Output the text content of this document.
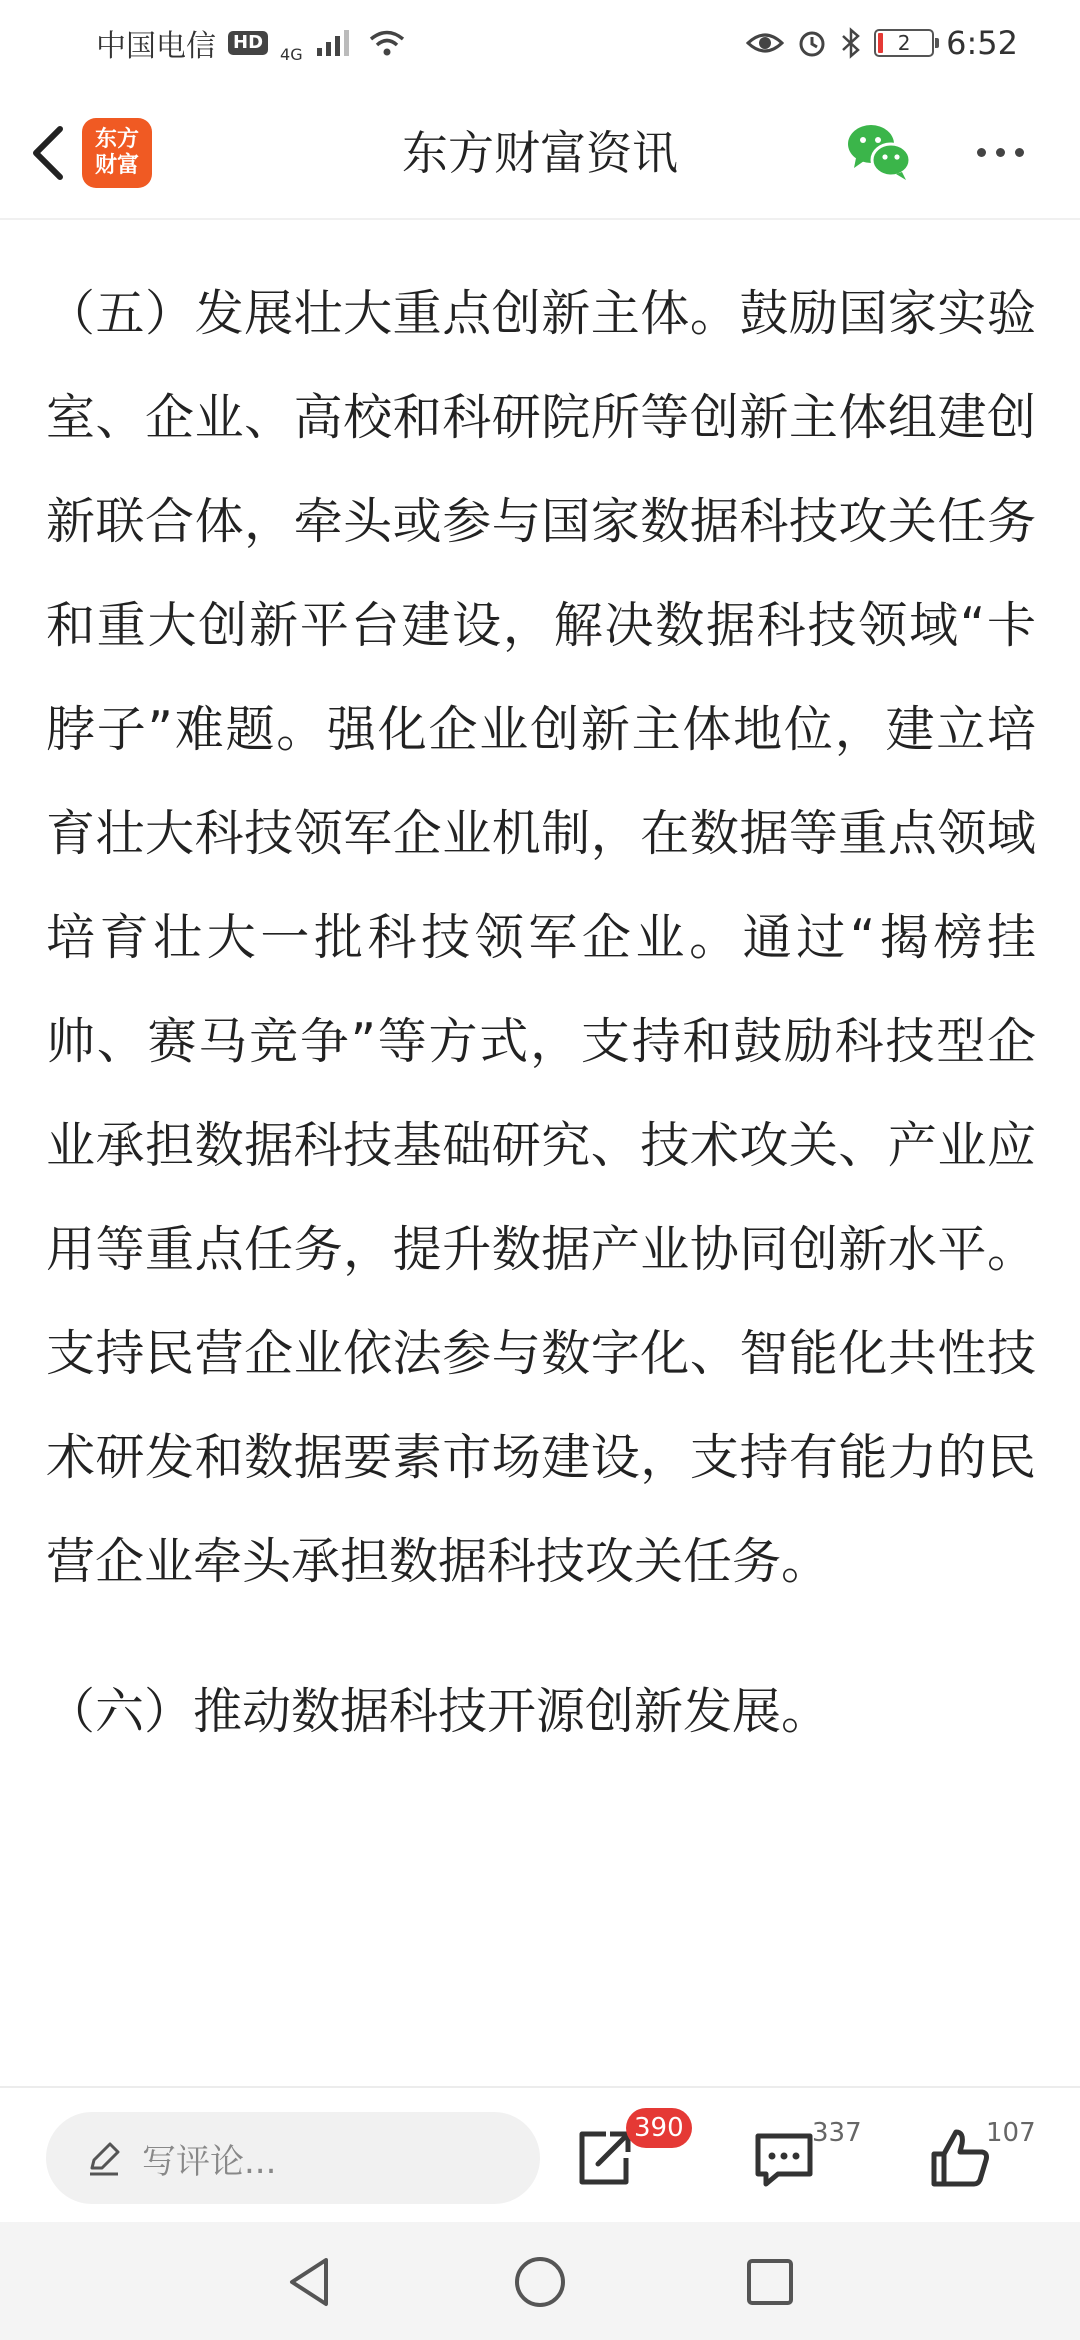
中国电信 HD
4G	2 6:52
东方
财富	东方财富资讯

（五）发展壮大重点创新主体。鼓励国家实验室、企业、高校和科研院所等创新主体组建创新联合体，牵头或参与国家数据科技攻关任务和重大创新平台建设，解决数据科技领域“卡脖子”难题。强化企业创新主体地位，建立培育壮大科技领军企业机制，在数据等重点领域培育壮大一批科技领军企业。通过“揭榜挂帅、赛马竞争”等方式，支持和鼓励科技型企业承担数据科技基础研究、技术攻关、产业应用等重点任务，提升数据产业协同创新水平。支持民营企业依法参与数字化、智能化共性技术研发和数据要素市场建设，支持有能力的民营企业牵头承担数据科技攻关任务。

（六）推动数据科技开源创新发展。

写评论...
390	337	107
